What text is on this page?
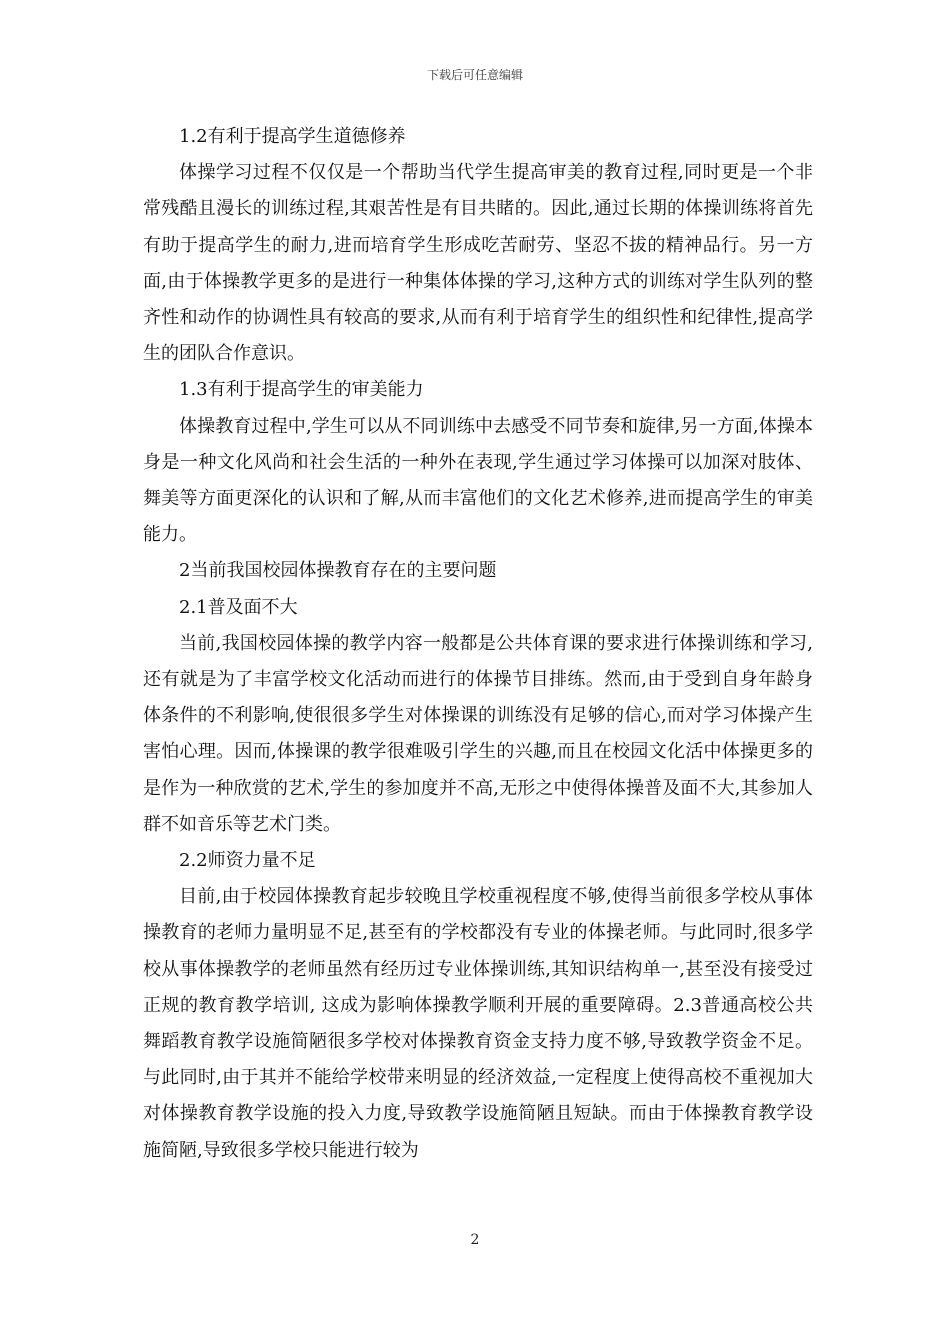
下载后可任意编辑

1.2有利于提高学生道德修养

体操学习过程不仅仅是一个帮助当代学生提高审美的教育过程,同时更是一个非常残酷且漫长的训练过程,其艰苦性是有目共睹的。因此,通过长期的体操训练将首先有助于提高学生的耐力,进而培育学生形成吃苦耐劳、坚忍不拔的精神品行。另一方面,由于体操教学更多的是进行一种集体体操的学习,这种方式的训练对学生队列的整齐性和动作的协调性具有较高的要求,从而有利于培育学生的组织性和纪律性,提高学生的团队合作意识。

1.3有利于提高学生的审美能力

体操教育过程中,学生可以从不同训练中去感受不同节奏和旋律,另一方面,体操本身是一种文化风尚和社会生活的一种外在表现,学生通过学习体操可以加深对肢体、舞美等方面更深化的认识和了解,从而丰富他们的文化艺术修养,进而提高学生的审美能力。

2当前我国校园体操教育存在的主要问题

2.1普及面不大

当前,我国校园体操的教学内容一般都是公共体育课的要求进行体操训练和学习,还有就是为了丰富学校文化活动而进行的体操节目排练。然而,由于受到自身年龄身体条件的不利影响,使很很多学生对体操课的训练没有足够的信心,而对学习体操产生害怕心理。因而,体操课的教学很难吸引学生的兴趣,而且在校园文化活中体操更多的是作为一种欣赏的艺术,学生的参加度并不高,无形之中使得体操普及面不大,其参加人群不如音乐等艺术门类。

2.2师资力量不足

目前,由于校园体操教育起步较晚且学校重视程度不够,使得当前很多学校从事体操教育的老师力量明显不足,甚至有的学校都没有专业的体操老师。与此同时,很多学校从事体操教学的老师虽然有经历过专业体操训练,其知识结构单一,甚至没有接受过正规的教育教学培训, 这成为影响体操教学顺利开展的重要障碍。2.3普通高校公共舞蹈教育教学设施简陋很多学校对体操教育资金支持力度不够,导致教学资金不足。与此同时,由于其并不能给学校带来明显的经济效益,一定程度上使得高校不重视加大对体操教育教学设施的投入力度,导致教学设施简陋且短缺。而由于体操教育教学设施简陋,导致很多学校只能进行较为

2
